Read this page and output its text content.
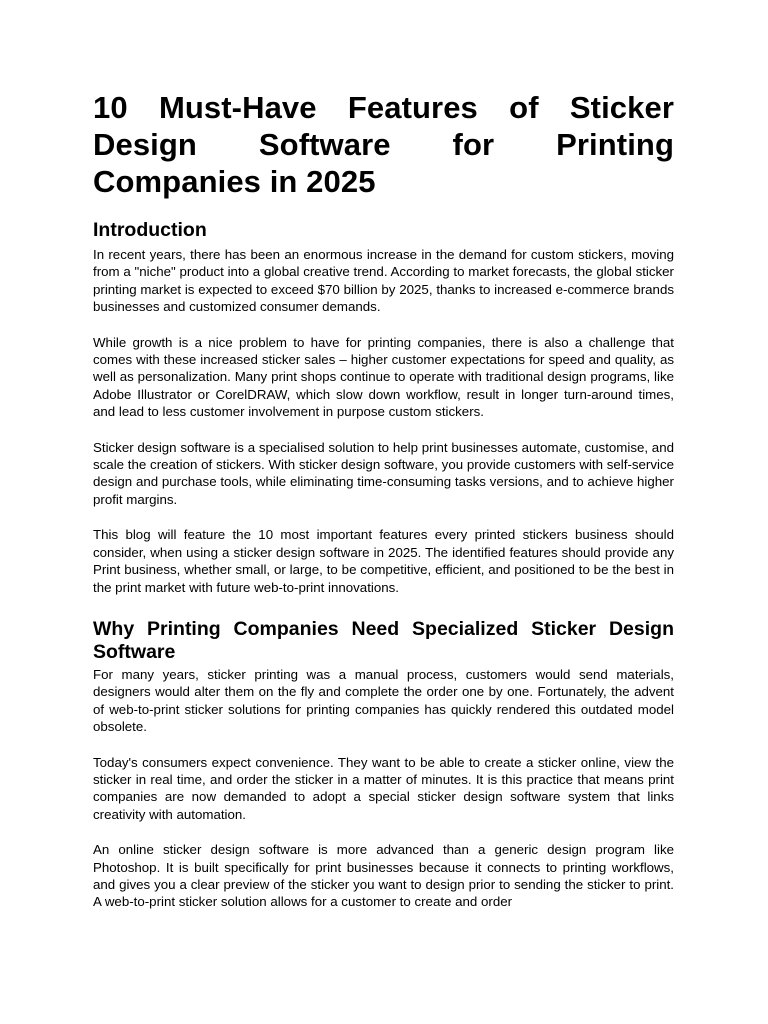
10 Must-Have Features of Sticker Design Software for Printing Companies in 2025
Introduction

In recent years, there has been an enormous increase in the demand for custom stickers, moving from a "niche" product into a global creative trend. According to market forecasts, the global sticker printing market is expected to exceed $70 billion by 2025, thanks to increased e-commerce brands businesses and customized consumer demands.

While growth is a nice problem to have for printing companies, there is also a challenge that comes with these increased sticker sales – higher customer expectations for speed and quality, as well as personalization. Many print shops continue to operate with traditional design programs, like Adobe Illustrator or CorelDRAW, which slow down workflow, result in longer turn-around times, and lead to less customer involvement in purpose custom stickers.

Sticker design software is a specialised solution to help print businesses automate, customise, and scale the creation of stickers. With sticker design software, you provide customers with self-service design and purchase tools, while eliminating time-consuming tasks versions, and to achieve higher profit margins.

This blog will feature the 10 most important features every printed stickers business should consider, when using a sticker design software in 2025. The identified features should provide any Print business, whether small, or large, to be competitive, efficient, and positioned to be the best in the print market with future web-to-print innovations.

Why Printing Companies Need Specialized Sticker Design Software

For many years, sticker printing was a manual process, customers would send materials, designers would alter them on the fly and complete the order one by one. Fortunately, the advent of web-to-print sticker solutions for printing companies has quickly rendered this outdated model obsolete.

Today's consumers expect convenience. They want to be able to create a sticker online, view the sticker in real time, and order the sticker in a matter of minutes. It is this practice that means print companies are now demanded to adopt a special sticker design software system that links creativity with automation.

An online sticker design software is more advanced than a generic design program like Photoshop. It is built specifically for print businesses because it connects to printing workflows, and gives you a clear preview of the sticker you want to design prior to sending the sticker to print. A web-to-print sticker solution allows for a customer to create and order
